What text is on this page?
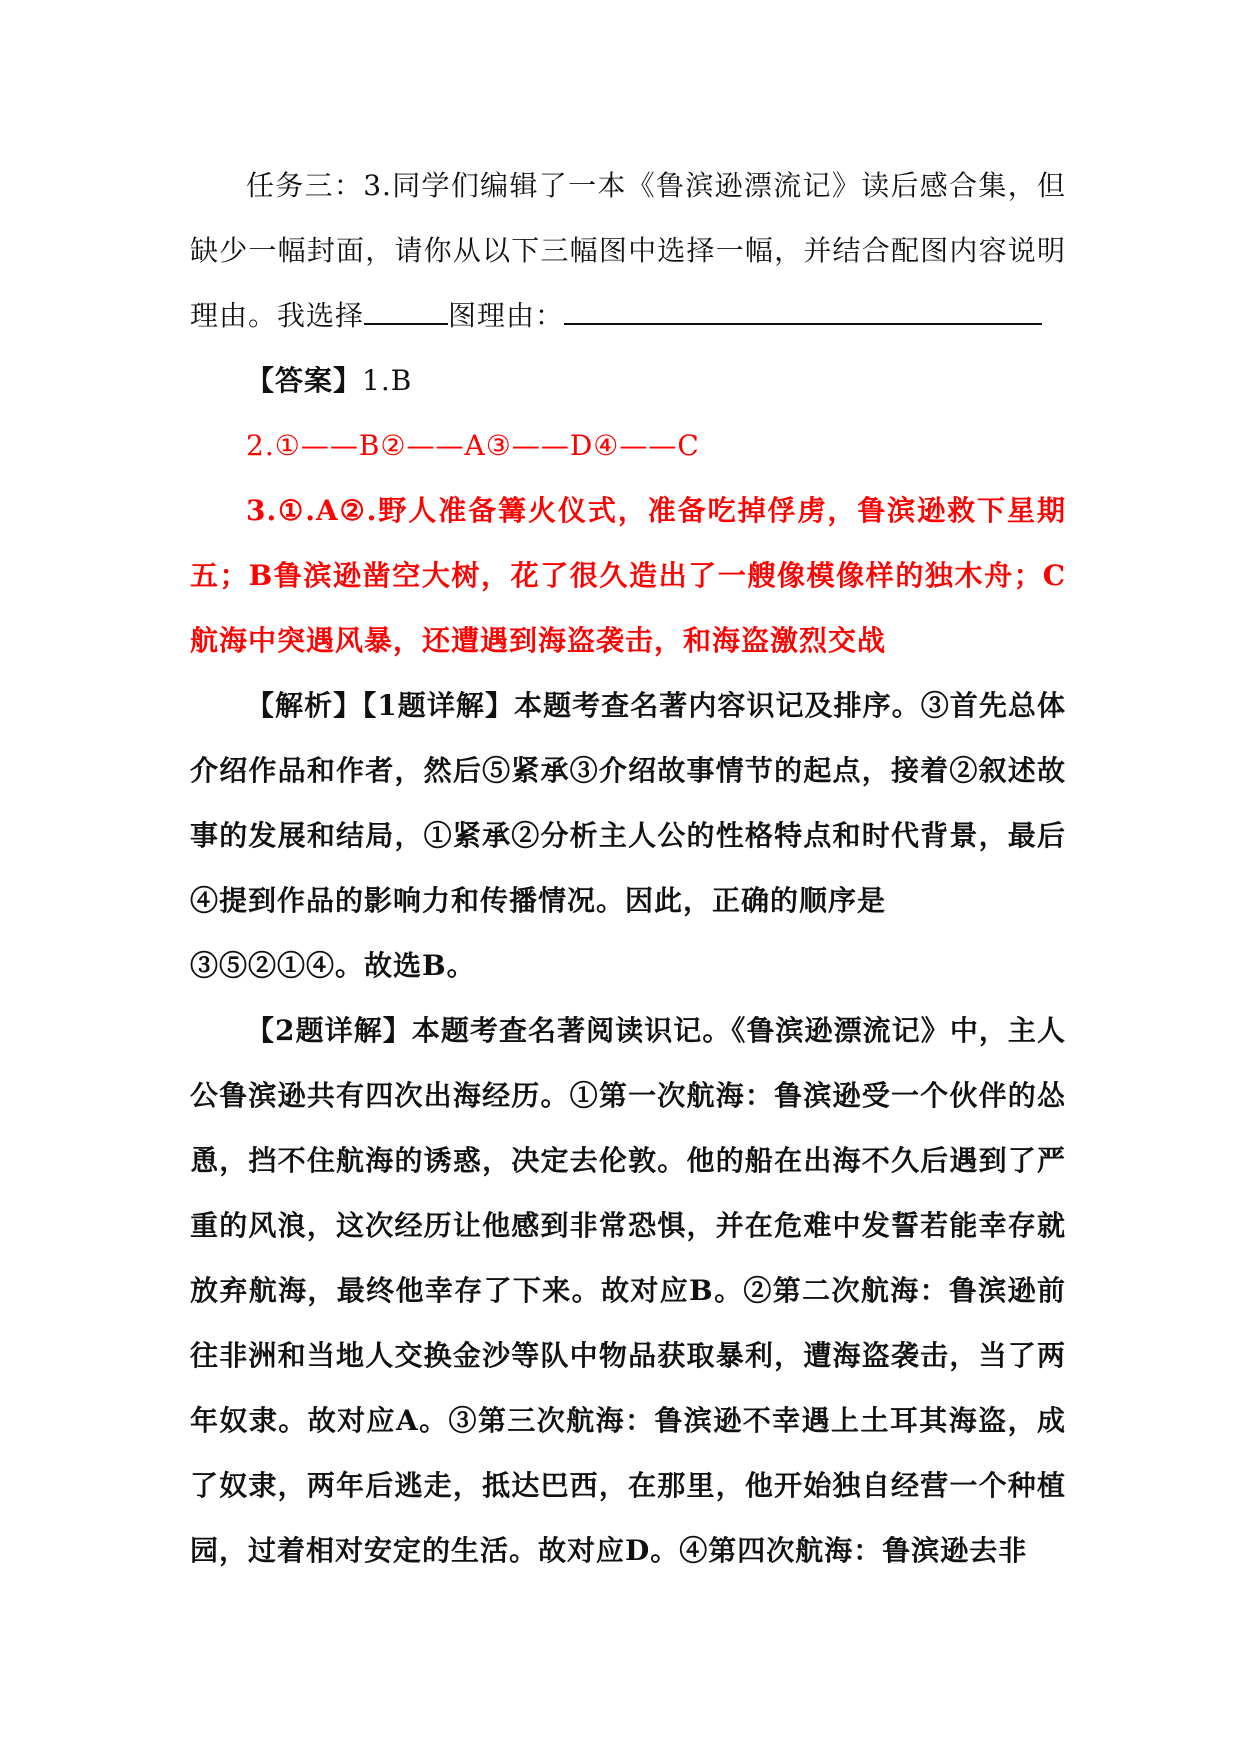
任务三：3.同学们编辑了一本《鲁滨逊漂流记》读后感合集，但缺少一幅封面，请你从以下三幅图中选择一幅，并结合配图内容说明理由。我选择	图理由：

【答案】1.B

2.①——B②——A③——D④——C

3.①.A②.野人准备篝火仪式，准备吃掉俘虏，鲁滨逊救下星期五；B鲁滨逊凿空大树，花了很久造出了一艘像模像样的独木舟；C航海中突遇风暴，还遭遇到海盗袭击，和海盗激烈交战

【解析】【1题详解】本题考查名著内容识记及排序。③首先总体介绍作品和作者，然后⑤紧承③介绍故事情节的起点，接着②叙述故事的发展和结局，①紧承②分析主人公的性格特点和时代背景，最后④提到作品的影响力和传播情况。因此，正确的顺序是

③⑤②①④。故选B。

【2题详解】本题考查名著阅读识记。《鲁滨逊漂流记》中，主人公鲁滨逊共有四次出海经历。①第一次航海：鲁滨逊受一个伙伴的怂恿，挡不住航海的诱惑，决定去伦敦。他的船在出海不久后遇到了严重的风浪，这次经历让他感到非常恐惧，并在危难中发誓若能幸存就放弃航海，最终他幸存了下来。故对应B。②第二次航海：鲁滨逊前往非洲和当地人交换金沙等队中物品获取暴利，遭海盗袭击，当了两年奴隶。故对应A。③第三次航海：鲁滨逊不幸遇上土耳其海盗，成了奴隶，两年后逃走，抵达巴西，在那里，他开始独自经营一个种植园，过着相对安定的生活。故对应D。④第四次航海：鲁滨逊去非
